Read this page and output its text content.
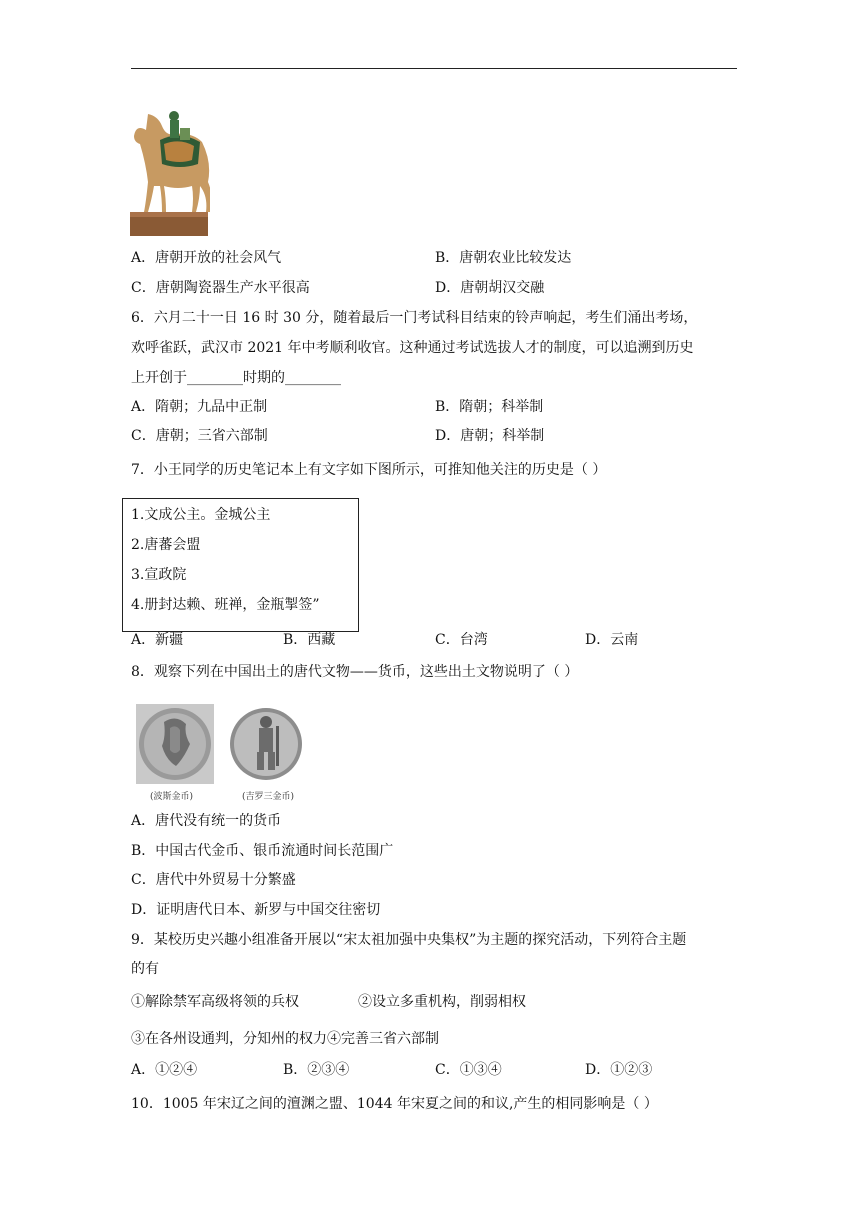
A．唐朝开放的社会风气	B．唐朝农业比较发达
C．唐朝陶瓷器生产水平很高	D．唐朝胡汉交融
6．六月二十一日 16 时 30 分，随着最后一门考试科目结束的铃声响起，考生们涌出考场，
欢呼雀跃，武汉市 2021 年中考顺利收官。这种通过考试选拔人才的制度，可以追溯到历史
上开创于________时期的________
A．隋朝；九品中正制	B．隋朝；科举制
C．唐朝；三省六部制	D．唐朝；科举制
7．小王同学的历史笔记本上有文字如下图所示，可推知他关注的历史是（ ）
1.文成公主。金城公主
2.唐蕃会盟
3.宣政院
4.册封达赖、班禅，金瓶掣签”
A．新疆	B．西藏	C．台湾	D．云南
8．观察下列在中国出土的唐代文物——货币，这些出土文物说明了（ ）
(波斯金币)	(吉罗三金币)
A．唐代没有统一的货币
B．中国古代金币、银币流通时间长范围广
C．唐代中外贸易十分繁盛
D．证明唐代日本、新罗与中国交往密切
9．某校历史兴趣小组准备开展以“宋太祖加强中央集权”为主题的探究活动，下列符合主题
的有
①解除禁军高级将领的兵权	②设立多重机构，削弱相权
③在各州设通判，分知州的权力④完善三省六部制
A．①②④	B．②③④	C．①③④	D．①②③
10．1005 年宋辽之间的澶渊之盟、1044 年宋夏之间的和议,产生的相同影响是（ ）
